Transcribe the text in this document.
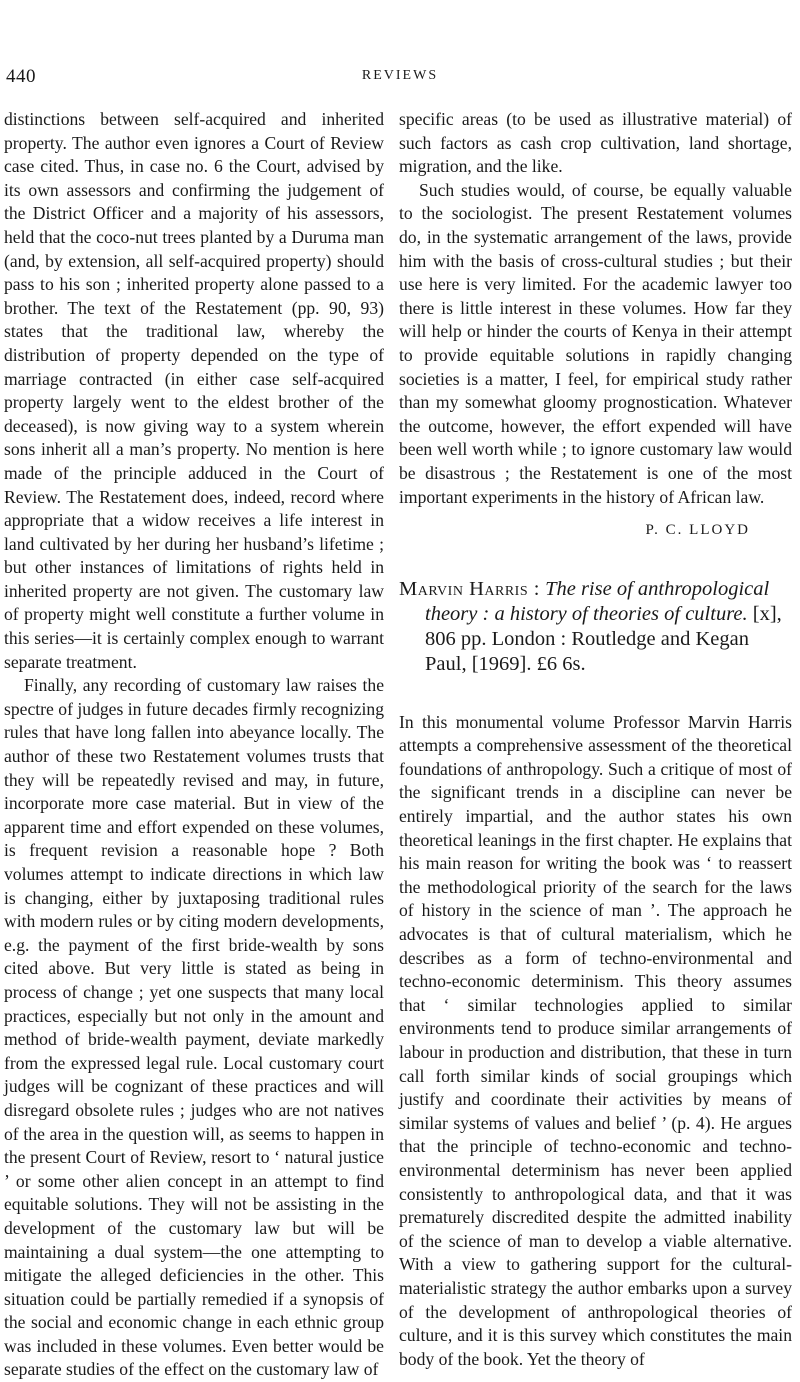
440	REVIEWS

distinctions between self-acquired and inherited property. The author even ignores a Court of Review case cited. Thus, in case no. 6 the Court, advised by its own assessors and confirming the judgement of the District Officer and a majority of his assessors, held that the coco-nut trees planted by a Duruma man (and, by extension, all self-acquired property) should pass to his son ; inherited property alone passed to a brother. The text of the Restatement (pp. 90, 93) states that the traditional law, whereby the distribution of property depended on the type of marriage contracted (in either case self-acquired property largely went to the eldest brother of the deceased), is now giving way to a system wherein sons inherit all a man’s property. No mention is here made of the principle adduced in the Court of Review. The Restatement does, indeed, record where appropriate that a widow receives a life interest in land cultivated by her during her husband’s lifetime ; but other instances of limitations of rights held in inherited property are not given. The customary law of property might well constitute a further volume in this series—it is certainly complex enough to warrant separate treatment.

Finally, any recording of customary law raises the spectre of judges in future decades firmly recognizing rules that have long fallen into abeyance locally. The author of these two Restatement volumes trusts that they will be repeatedly revised and may, in future, incorporate more case material. But in view of the apparent time and effort expended on these volumes, is frequent revision a reasonable hope ? Both volumes attempt to indicate directions in which law is changing, either by juxtaposing traditional rules with modern rules or by citing modern developments, e.g. the payment of the first bride-wealth by sons cited above. But very little is stated as being in process of change ; yet one suspects that many local practices, especially but not only in the amount and method of bride-wealth payment, deviate markedly from the expressed legal rule. Local customary court judges will be cognizant of these practices and will disregard obsolete rules ; judges who are not natives of the area in the question will, as seems to happen in the present Court of Review, resort to ‘ natural justice ’ or some other alien concept in an attempt to find equitable solutions. They will not be assisting in the development of the customary law but will be maintaining a dual system—the one attempting to mitigate the alleged deficiencies in the other. This situation could be partially remedied if a synopsis of the social and economic change in each ethnic group was included in these volumes. Even better would be separate studies of the effect on the customary law of

specific areas (to be used as illustrative material) of such factors as cash crop cultivation, land shortage, migration, and the like.

Such studies would, of course, be equally valuable to the sociologist. The present Restatement volumes do, in the systematic arrangement of the laws, provide him with the basis of cross-cultural studies ; but their use here is very limited. For the academic lawyer too there is little interest in these volumes. How far they will help or hinder the courts of Kenya in their attempt to provide equitable solutions in rapidly changing societies is a matter, I feel, for empirical study rather than my somewhat gloomy prognostication. Whatever the outcome, however, the effort expended will have been well worth while ; to ignore customary law would be disastrous ; the Restatement is one of the most important experiments in the history of African law.

P. C. LLOYD

Marvin Harris : The rise of anthropological theory : a history of theories of culture. [x], 806 pp. London : Routledge and Kegan Paul, [1969]. £6 6s.

In this monumental volume Professor Marvin Harris attempts a comprehensive assessment of the theoretical foundations of anthropology. Such a critique of most of the significant trends in a discipline can never be entirely impartial, and the author states his own theoretical leanings in the first chapter. He explains that his main reason for writing the book was ‘ to reassert the methodological priority of the search for the laws of history in the science of man ’. The approach he advocates is that of cultural materialism, which he describes as a form of techno-environmental and techno-economic determinism. This theory assumes that ‘ similar technologies applied to similar environments tend to produce similar arrangements of labour in production and distribution, that these in turn call forth similar kinds of social groupings which justify and coordinate their activities by means of similar systems of values and belief ’ (p. 4). He argues that the principle of techno-economic and techno-environmental determinism has never been applied consistently to anthropological data, and that it was prematurely discredited despite the admitted inability of the science of man to develop a viable alternative. With a view to gathering support for the cultural-materialistic strategy the author embarks upon a survey of the development of anthropological theories of culture, and it is this survey which constitutes the main body of the book. Yet the theory of
